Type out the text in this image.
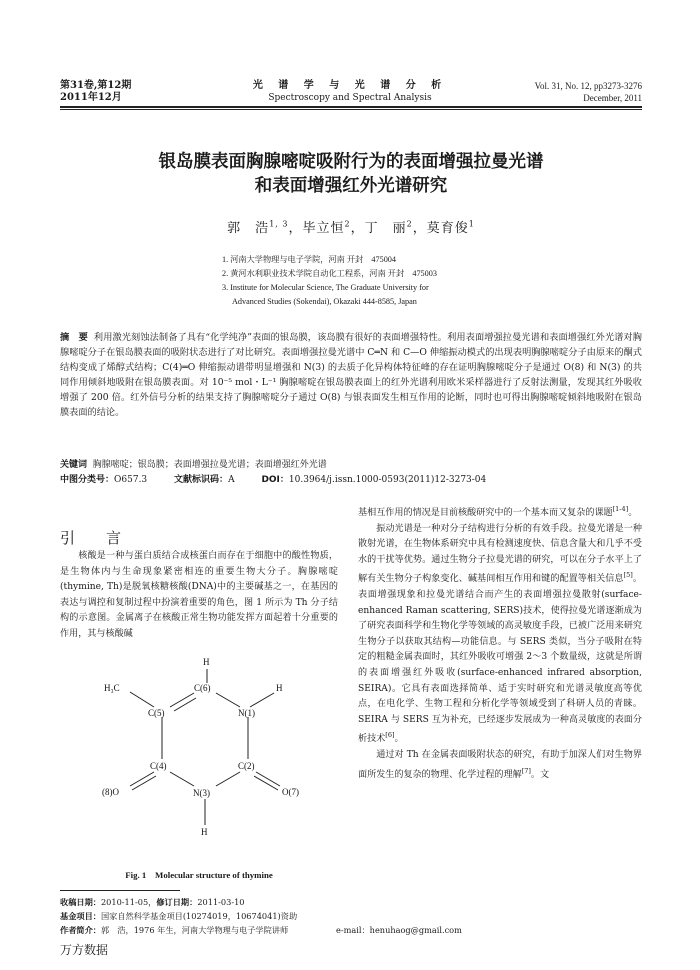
第31卷,第12期
2011年12月
光 谱 学 与 光 谱 分 析
Spectroscopy and Spectral Analysis
Vol. 31, No. 12, pp3273-3276
December, 2011
银岛膜表面胸腺嘧啶吸附行为的表面增强拉曼光谱
和表面增强红外光谱研究
郭　浩$^{1, 3}$，毕立恒$^2$，丁　丽$^2$，莫育俊$^1$
1. 河南大学物理与电子学院，河南 开封　475004
2. 黄河水利职业技术学院自动化工程系，河南 开封　475003
3. Institute for Molecular Science, The Graduate University for
Advanced Studies (Sokendai), Okazaki 444-8585, Japan
摘　要 利用激光刻蚀法制备了具有“化学纯净”表面的银岛膜，该岛膜有很好的表面增强特性。利用表面增强拉曼光谱和表面增强红外光谱对胸腺嘧啶分子在银岛膜表面的吸附状态进行了对比研究。表面增强拉曼光谱中 C═N 和 C—O 伸缩振动模式的出现表明胸腺嘧啶分子由原来的酮式结构变成了烯醇式结构；C(4)═O 伸缩振动谱带明显增强和 N(3) 的去质子化异构体特征峰的存在证明胸腺嘧啶分子是通过 O(8) 和 N(3) 的共同作用倾斜地吸附在银岛膜表面。对 10⁻⁵ mol・L⁻¹ 胸腺嘧啶在银岛膜表面上的红外光谱利用欧米采样器进行了反射法测量，发现其红外吸收增强了 200 倍。红外信号分析的结果支持了胸腺嘧啶分子通过 O(8) 与银表面发生相互作用的论断，同时也可得出胸腺嘧啶倾斜地吸附在银岛膜表面的结论。
关键词 胸腺嘧啶；银岛膜；表面增强拉曼光谱；表面增强红外光谱
中图分类号：O657.3	文献标识码：A	DOI：10.3964/j.issn.1000-0593(2011)12-3273-04
引　言

核酸是一种与蛋白质结合成核蛋白而存在于细胞中的酸性物质，是生物体内与生命现象紧密相连的重要生物大分子。胸腺嘧啶(thymine, Th)是脱氧核糖核酸(DNA)中的主要碱基之一，在基因的表达与调控和复制过程中扮演着重要的角色，图 1 所示为 Th 分子结构的示意图。金属离子在核酸正常生物功能发挥方面起着十分重要的作用，其与核酸碱

H
H₃C	C(6)	H
C(5)	N(1)
C(4)	C(2)
(8)O	N(3)	O(7)
H
Fig. 1　Molecular structure of thymine

基相互作用的情况是目前核酸研究中的一个基本而又复杂的课题[1-4]。

振动光谱是一种对分子结构进行分析的有效手段。拉曼光谱是一种散射光谱，在生物体系研究中具有检测速度快、信息含量大和几乎不受水的干扰等优势。通过生物分子拉曼光谱的研究，可以在分子水平上了解有关生物分子构象变化、碱基间相互作用和键的配置等相关信息[5]。表面增强现象和拉曼光谱结合而产生的表面增强拉曼散射(surface-enhanced Raman scattering, SERS)技术，使得拉曼光谱逐渐成为了研究表面科学和生物化学等领域的高灵敏度手段，已被广泛用来研究生物分子以获取其结构—功能信息。与 SERS 类似，当分子吸附在特定的粗糙金属表面时，其红外吸收可增强 2～3 个数量级，这就是所谓的表面增强红外吸收(surface-enhanced infrared absorption, SEIRA)。它具有表面选择简单、适于实时研究和光谱灵敏度高等优点，在电化学、生物工程和分析化学等领域受到了科研人员的青睐。SEIRA 与 SERS 互为补充，已经逐步发展成为一种高灵敏度的表面分析技术[6]。

通过对 Th 在金属表面吸附状态的研究，有助于加深人们对生物界面所发生的复杂的物理、化学过程的理解[7]。文

收稿日期：2010-11-05，修订日期：2011-03-10
基金项目：国家自然科学基金项目(10274019，10674041)资助
作者简介：郭　浩，1976 年生，河南大学物理与电子学院讲师	e-mail：henuhaog@gmail.com
万方数据
